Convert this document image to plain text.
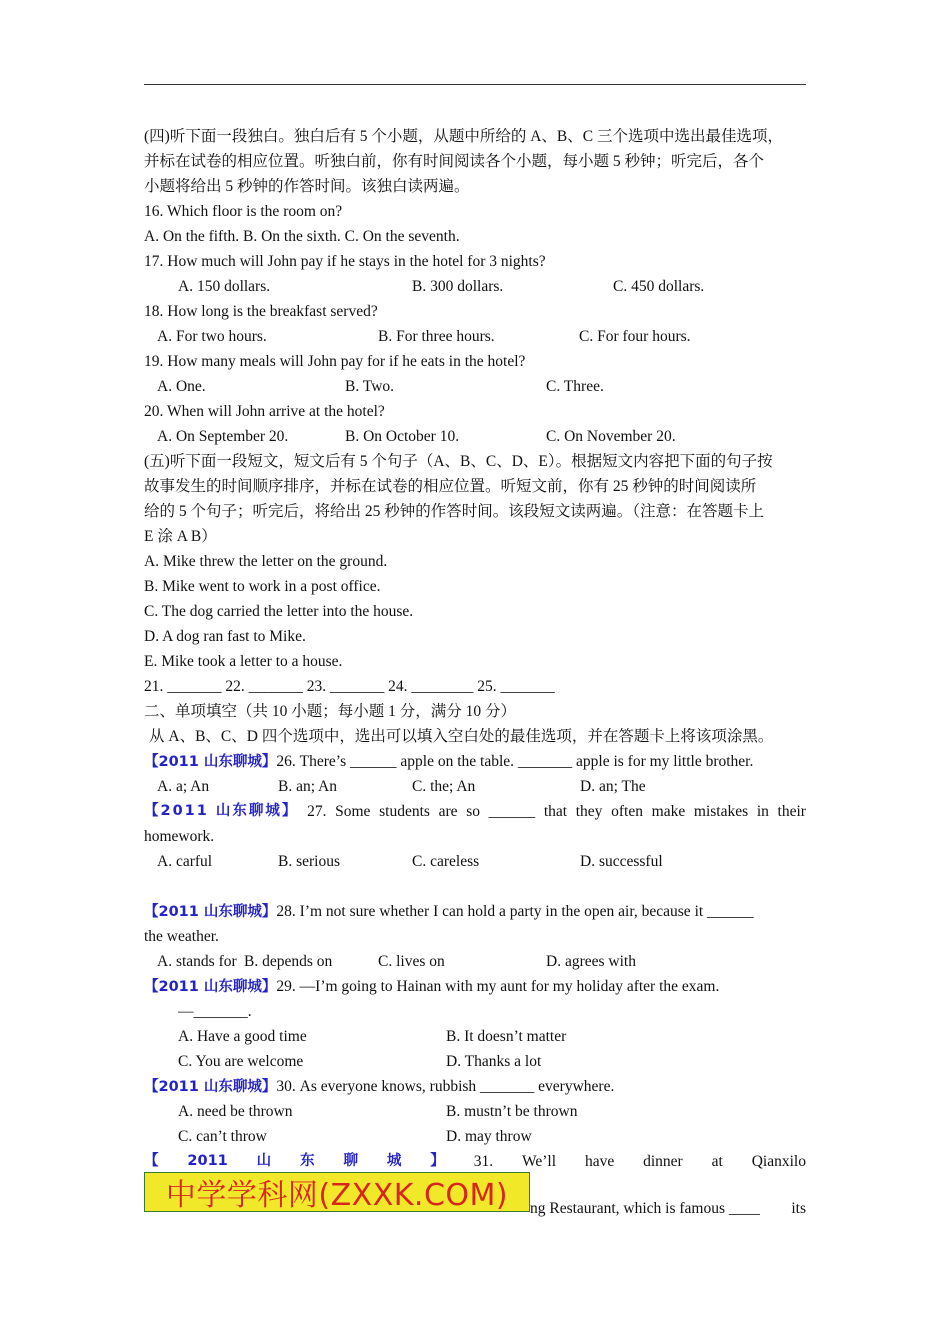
(四)听下面一段独白。独白后有 5 个小题，从题中所给的 A、B、C 三个选项中选出最佳选项，
并标在试卷的相应位置。听独白前，你有时间阅读各个小题，每小题 5 秒钟；听完后，各个
小题将给出 5 秒钟的作答时间。该独白读两遍。
16. Which floor is the room on?
A. On the fifth. B. On the sixth. C. On the seventh.
17. How much will John pay if he stays in the hotel for 3 nights?
A. 150 dollars.	B. 300 dollars.	C. 450 dollars.
18. How long is the breakfast served?
A. For two hours.	B. For three hours.	C. For four hours.
19. How many meals will John pay for if he eats in the hotel?
A. One.	B. Two.	C. Three.
20. When will John arrive at the hotel?
A. On September 20.	B. On October 10.	C. On November 20.
(五)听下面一段短文，短文后有 5 个句子（A、B、C、D、E）。根据短文内容把下面的句子按
故事发生的时间顺序排序，并标在试卷的相应位置。听短文前，你有 25 秒钟的时间阅读所
给的 5 个句子；听完后，将给出 25 秒钟的作答时间。该段短文读两遍。（注意：在答题卡上
E 涂 A B）
A. Mike threw the letter on the ground.
B. Mike went to work in a post office.
C. The dog carried the letter into the house.
D. A dog ran fast to Mike.
E. Mike took a letter to a house.
21. _______ 22. _______ 23. _______ 24. ________ 25. _______
二、单项填空（共 10 小题；每小题 1 分，满分 10 分）
从 A、B、C、D 四个选项中，选出可以填入空白处的最佳选项，并在答题卡上将该项涂黑。
【2011 山东聊城】26. There’s ______ apple on the table. _______ apple is for my little brother.
A. a; An	B. an; An	C. the; An	D. an; The
【2011 山东聊城】 27. Some students are so ______ that they often make mistakes in their
homework.
A. carful	B. serious	C. careless	D. successful
【2011 山东聊城】28. I’m not sure whether I can hold a party in the open air, because it ______
the weather.
A. stands for B. depends on	C. lives on	D. agrees with
【2011 山东聊城】29. —I’m going to Hainan with my aunt for my holiday after the exam.
—_______.
A. Have a good time	B. It doesn’t matter
C. You are welcome	D. Thanks a lot
【2011 山东聊城】30. As everyone knows, rubbish _______ everywhere.
A. need be thrown	B. mustn’t be thrown
C. can’t throw	D. may throw
【 2011 山 东 聊 城 】 31. We’ll have dinner at Qianxilo
ng Restaurant, which is famous ____ its
中学学科网(ZXXK.COM)
